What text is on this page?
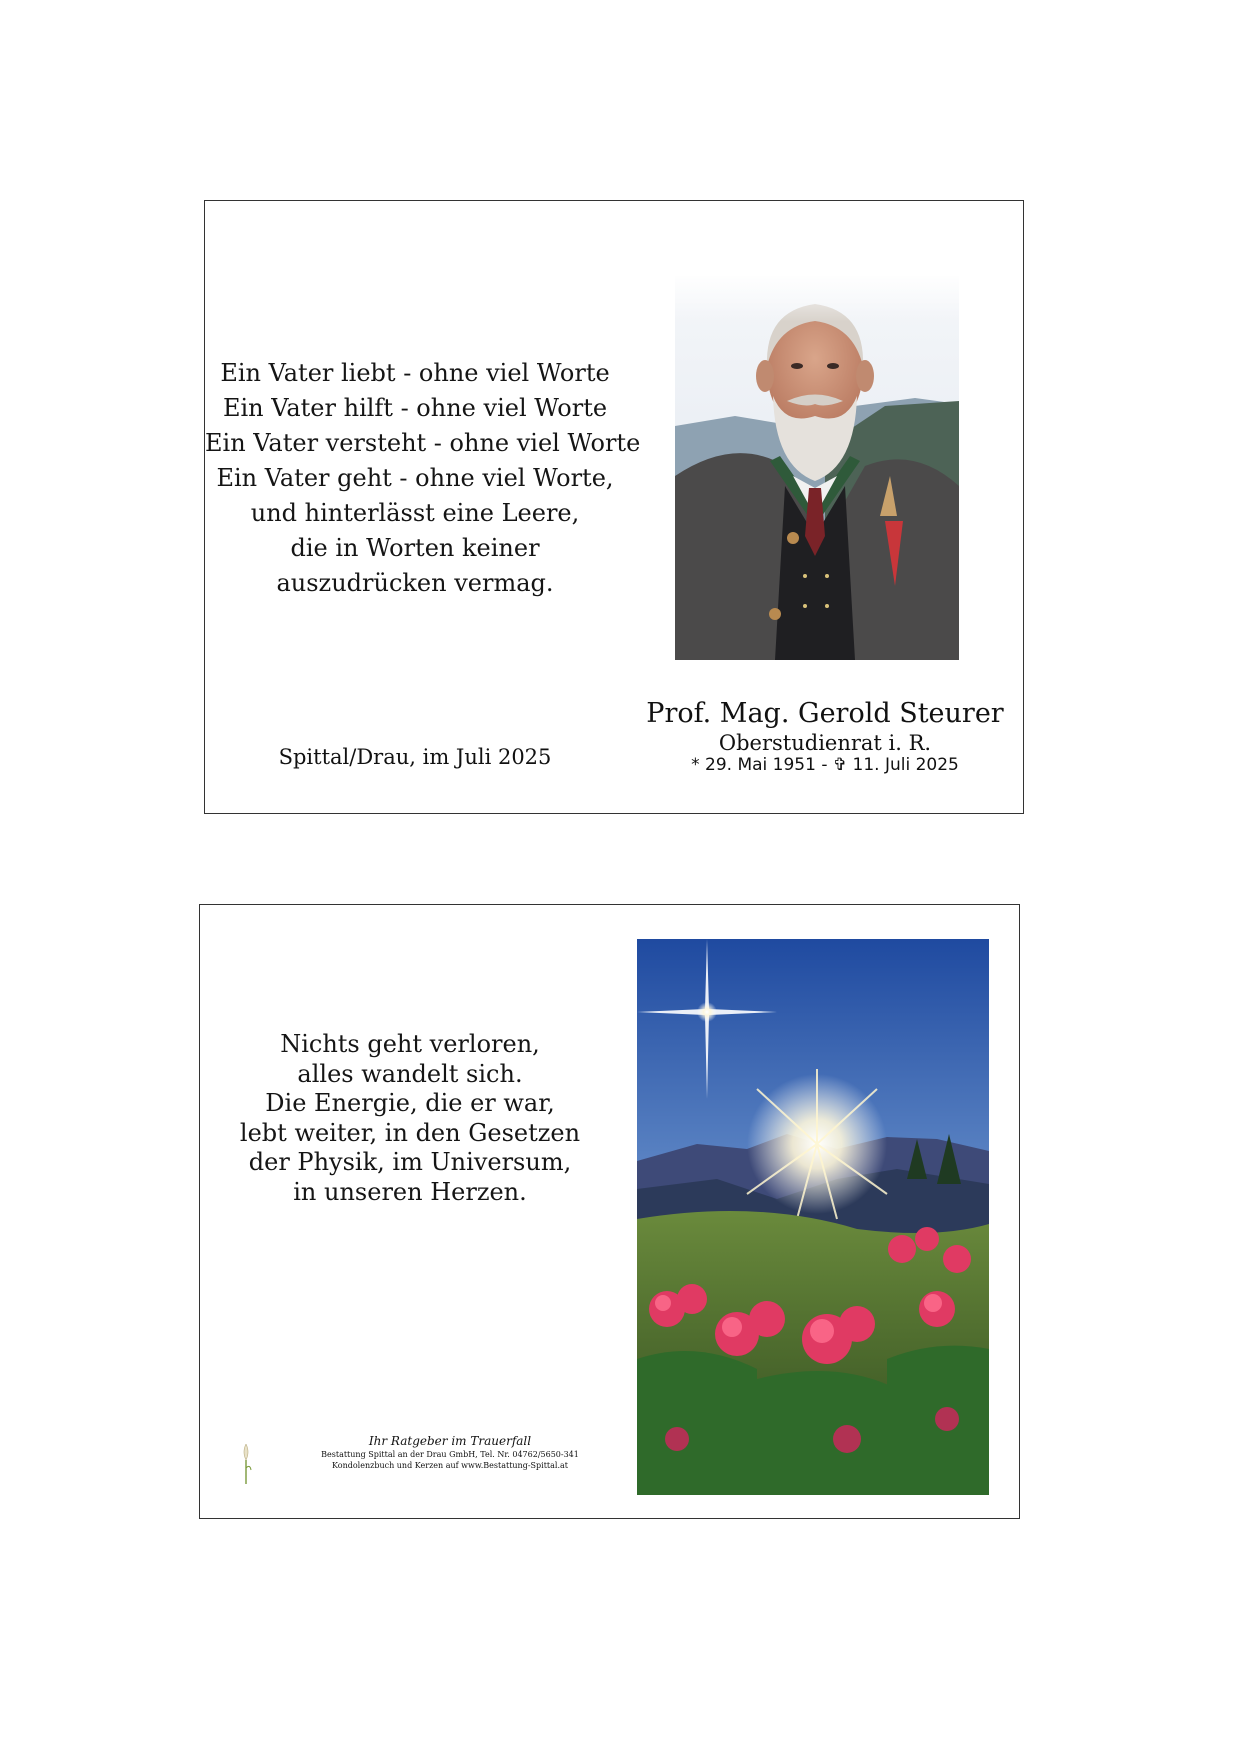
Ein Vater liebt - ohne viel Worte
Ein Vater hilft - ohne viel Worte
Ein Vater versteht - ohne viel Worte
Ein Vater geht - ohne viel Worte,
und hinterlässt eine Leere,
die in Worten keiner
auszudrücken vermag.
Spittal/Drau, im Juli 2025
Prof. Mag. Gerold Steurer
Oberstudienrat i. R.
* 29. Mai 1951 - ✞ 11. Juli 2025
Nichts geht verloren,
alles wandelt sich.
Die Energie, die er war,
lebt weiter, in den Gesetzen
der Physik, im Universum,
in unseren Herzen.
Ihr Ratgeber im Trauerfall
Bestattung Spittal an der Drau GmbH, Tel. Nr. 04762/5650-341
Kondolenzbuch und Kerzen auf www.Bestattung-Spittal.at
